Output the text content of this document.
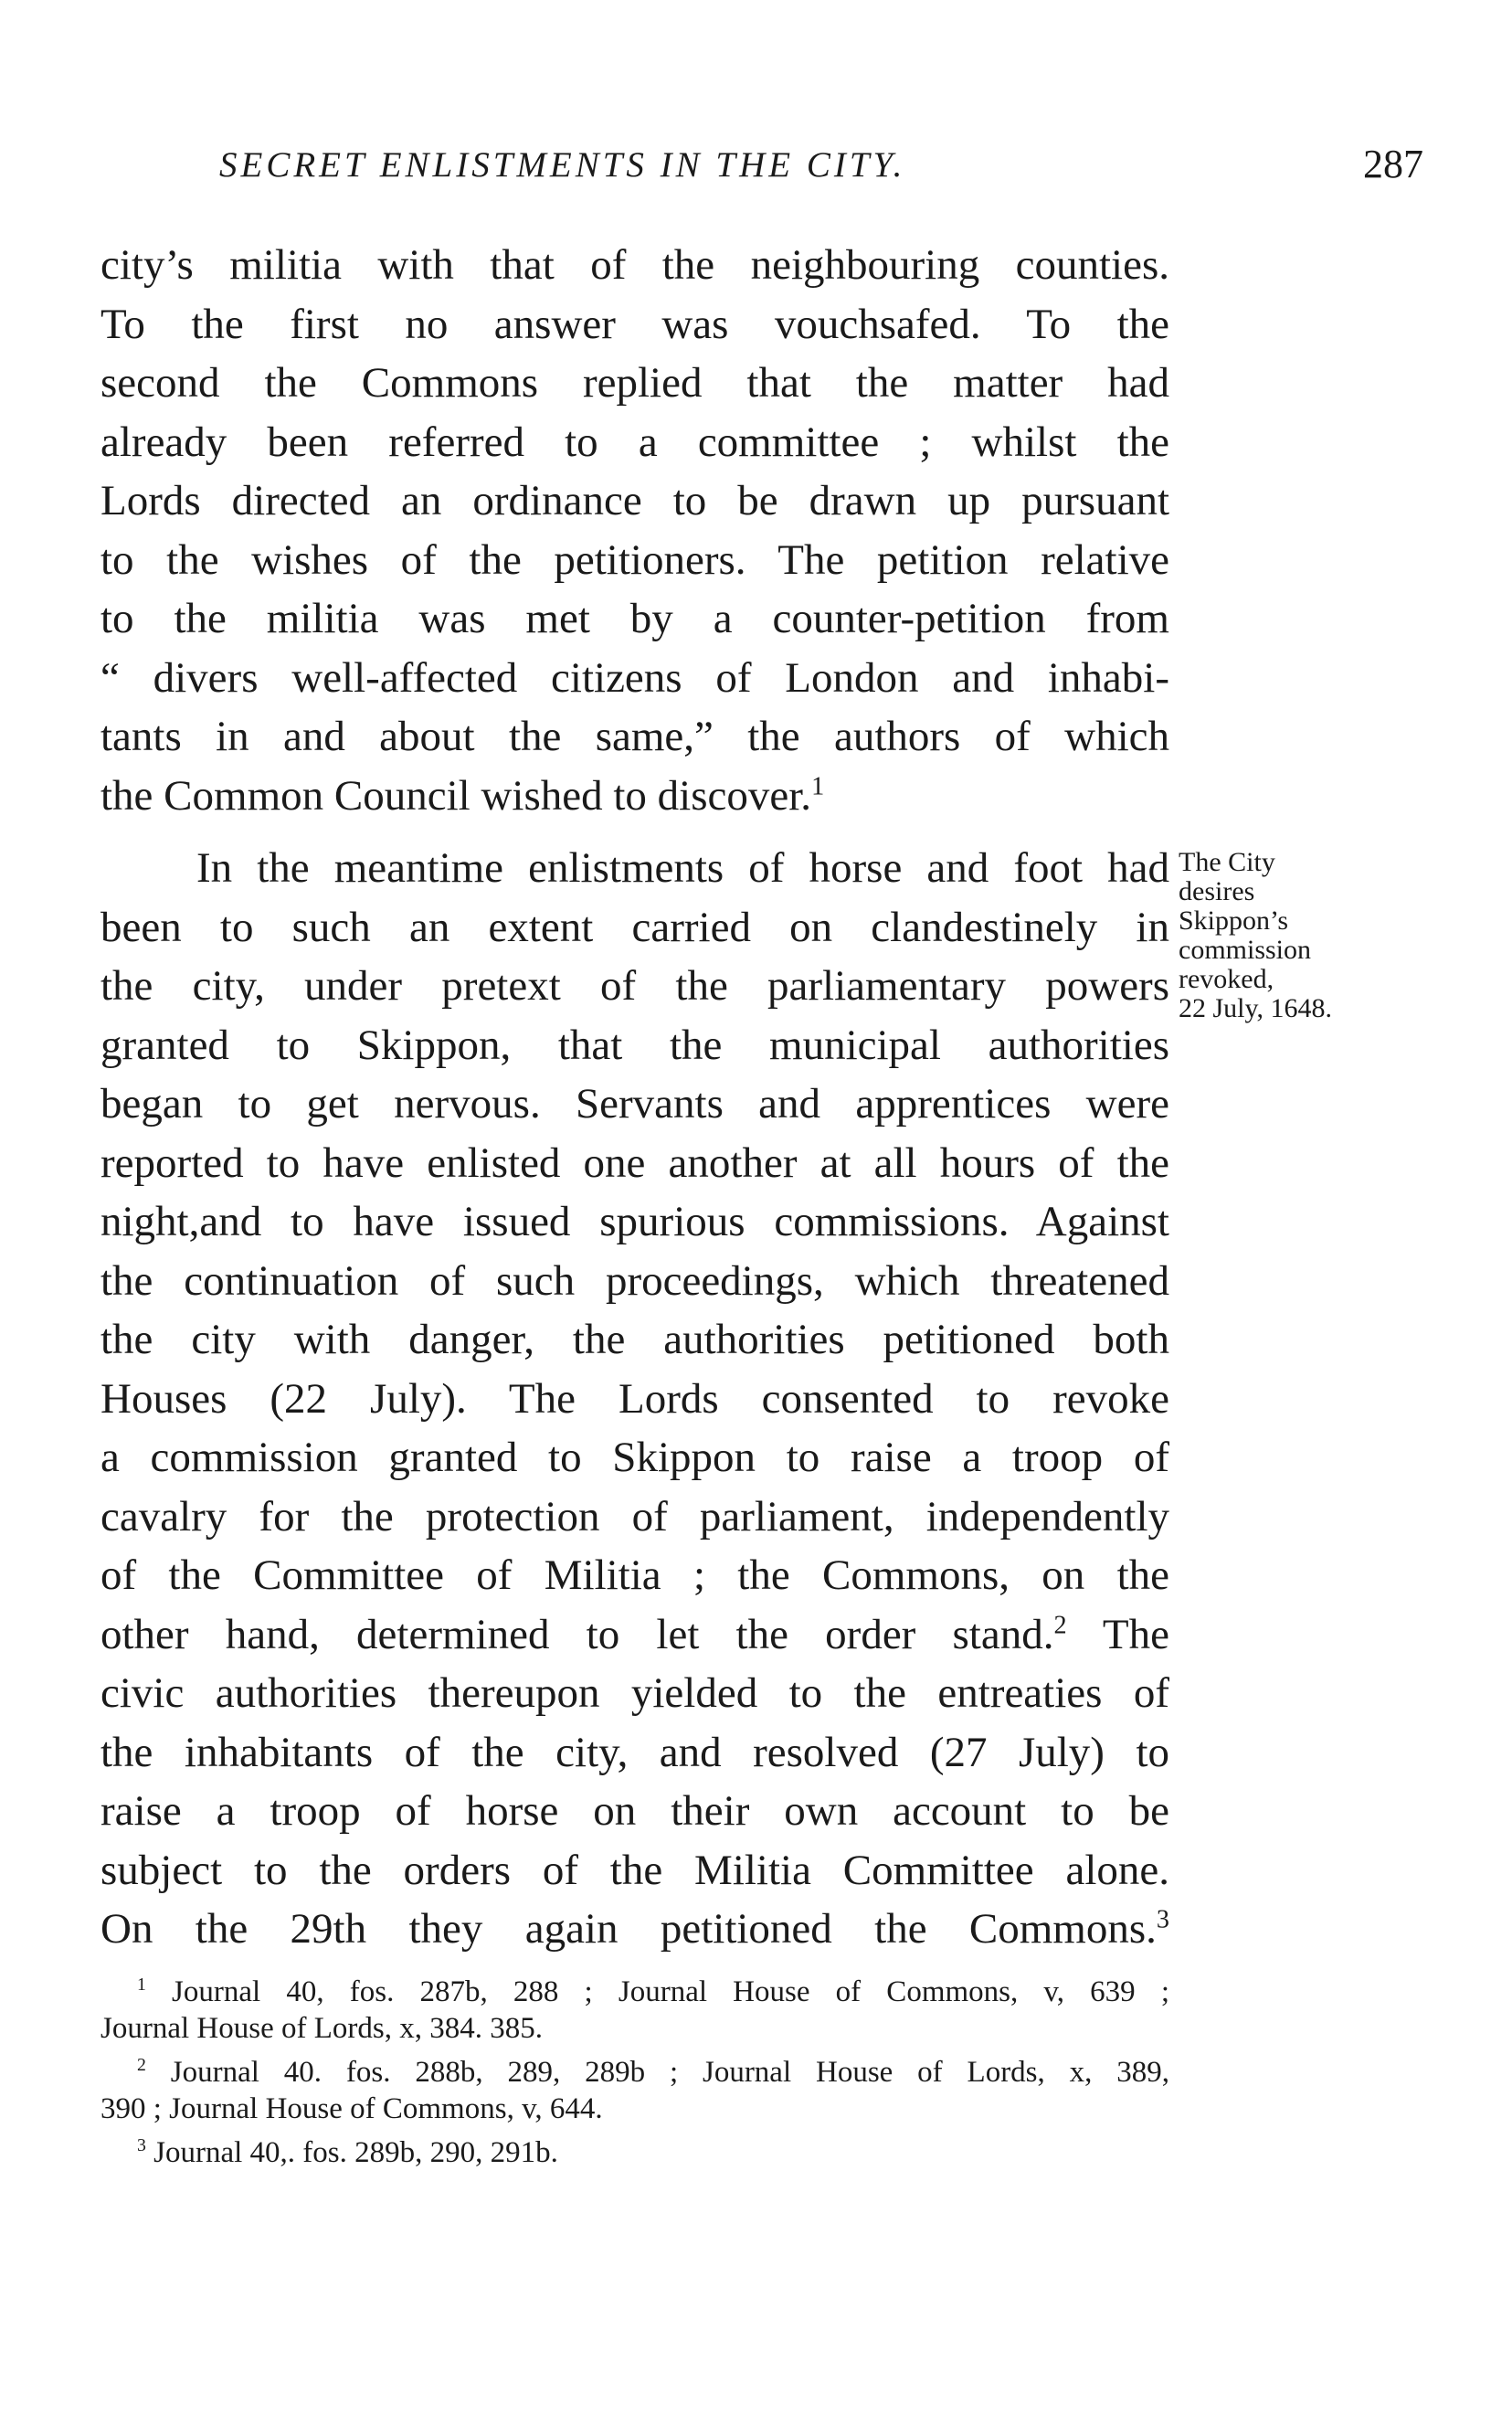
SECRET ENLISTMENTS IN THE CITY.	287
city’s militia with that of the neighbouring counties.
To the first no answer was vouchsafed. To the
second the Commons replied that the matter had
already been referred to a committee ; whilst the
Lords directed an ordinance to be drawn up pursuant
to the wishes of the petitioners. The petition relative
to the militia was met by a counter-petition from
“ divers well-affected citizens of London and inhabi-
tants in and about the same,” the authors of which
the Common Council wished to discover.$^1$
In the meantime enlistments of horse and foot had
been to such an extent carried on clandestinely in
the city, under pretext of the parliamentary powers
granted to Skippon, that the municipal authorities
began to get nervous. Servants and apprentices were
reported to have enlisted one another at all hours of the
night,and to have issued spurious commissions. Against
the continuation of such proceedings, which threatened
the city with danger, the authorities petitioned both
Houses (22 July). The Lords consented to revoke
a commission granted to Skippon to raise a troop of
cavalry for the protection of parliament, independently
of the Committee of Militia ; the Commons, on the
other hand, determined to let the order stand.$^2$ The
civic authorities thereupon yielded to the entreaties of
the inhabitants of the city, and resolved (27 July) to
raise a troop of horse on their own account to be
subject to the orders of the Militia Committee alone.
On the 29th they again petitioned the Commons.$^3$
The City
desires
Skippon’s
commission
revoked,
22 July, 1648.
$^1$ Journal 40, fos. 287b, 288 ; Journal House of Commons, v, 639 ;
Journal House of Lords, x, 384. 385.
$^2$ Journal 40. fos. 288b, 289, 289b ; Journal House of Lords, x, 389,
390 ; Journal House of Commons, v, 644.
$^3$ Journal 40,. fos. 289b, 290, 291b.
